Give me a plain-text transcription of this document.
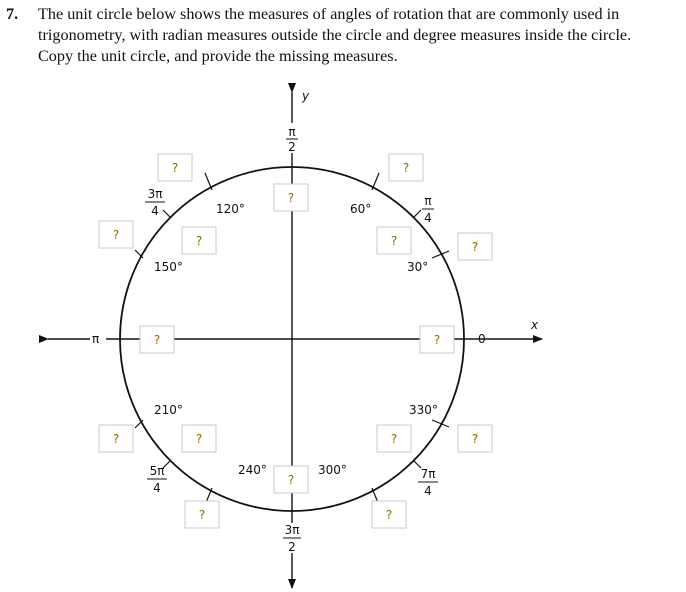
7. The unit circle below shows the measures of angles of rotation that are commonly used in
trigonometry, with radian measures outside the circle and degree measures inside the circle.
Copy the unit circle, and provide the missing measures.
y
x
0
π
π
2
3π
2
π
4
3π
4
5π
4
7π
4
120°	60°
150°	30°
210°	330°
240°	300°
?
?
?
?	?	?	?
?	?
?	?	?	?
?
?	?
